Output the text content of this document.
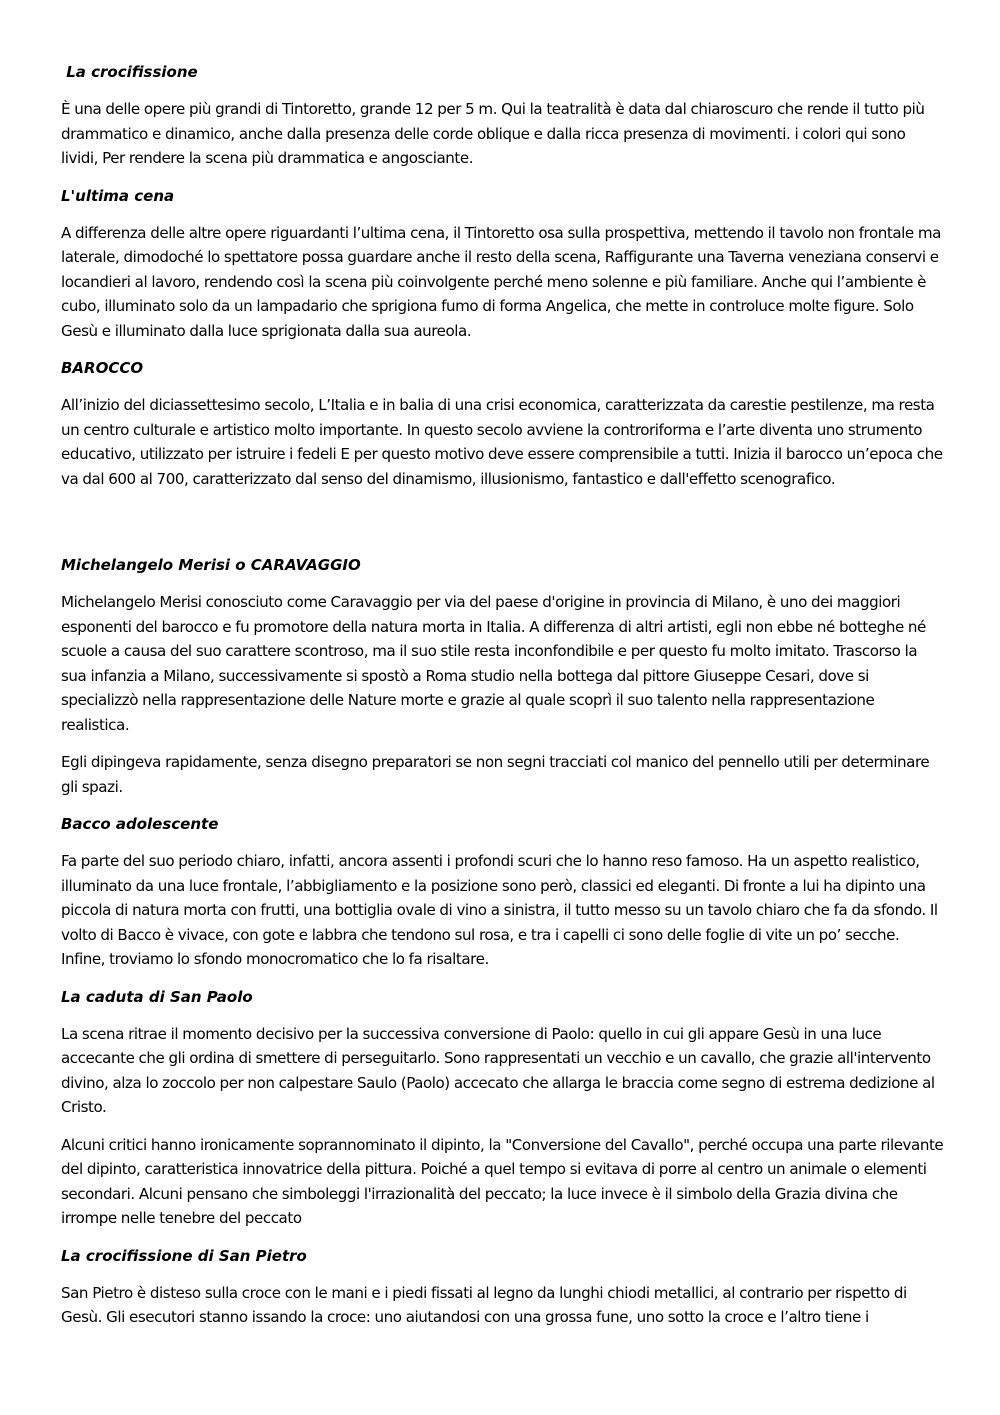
La crocifissione

È una delle opere più grandi di Tintoretto, grande 12 per 5 m. Qui la teatralità è data dal chiaroscuro che rende il tutto più drammatico e dinamico, anche dalla presenza delle corde oblique e dalla ricca presenza di movimenti. i colori qui sono lividi, Per rendere la scena più drammatica e angosciante.

L'ultima cena

A differenza delle altre opere riguardanti l’ultima cena, il Tintoretto osa sulla prospettiva, mettendo il tavolo non frontale ma laterale, dimodoché lo spettatore possa guardare anche il resto della scena, Raffigurante una Taverna veneziana conservi e locandieri al lavoro, rendendo così la scena più coinvolgente perché meno solenne e più familiare. Anche qui l’ambiente è cubo, illuminato solo da un lampadario che sprigiona fumo di forma Angelica, che mette in controluce molte figure. Solo Gesù e illuminato dalla luce sprigionata dalla sua aureola.

BAROCCO

All’inizio del diciassettesimo secolo, L’Italia e in balia di una crisi economica, caratterizzata da carestie pestilenze, ma resta un centro culturale e artistico molto importante. In questo secolo avviene la controriforma e l’arte diventa uno strumento educativo, utilizzato per istruire i fedeli E per questo motivo deve essere comprensibile a tutti. Inizia il barocco un’epoca che va dal 600 al 700, caratterizzato dal senso del dinamismo, illusionismo, fantastico e dall'effetto scenografico.

Michelangelo Merisi o CARAVAGGIO

Michelangelo Merisi conosciuto come Caravaggio per via del paese d'origine in provincia di Milano, è uno dei maggiori esponenti del barocco e fu promotore della natura morta in Italia. A differenza di altri artisti, egli non ebbe né botteghe né scuole a causa del suo carattere scontroso, ma il suo stile resta inconfondibile e per questo fu molto imitato. Trascorso la sua infanzia a Milano, successivamente si spostò a Roma studio nella bottega dal pittore Giuseppe Cesari, dove si specializzò nella rappresentazione delle Nature morte e grazie al quale scoprì il suo talento nella rappresentazione realistica.

Egli dipingeva rapidamente, senza disegno preparatori se non segni tracciati col manico del pennello utili per determinare gli spazi.

Bacco adolescente

Fa parte del suo periodo chiaro, infatti, ancora assenti i profondi scuri che lo hanno reso famoso. Ha un aspetto realistico, illuminato da una luce frontale, l’abbigliamento e la posizione sono però, classici ed eleganti. Di fronte a lui ha dipinto una piccola di natura morta con frutti, una bottiglia ovale di vino a sinistra, il tutto messo su un tavolo chiaro che fa da sfondo. Il volto di Bacco è vivace, con gote e labbra che tendono sul rosa, e tra i capelli ci sono delle foglie di vite un po’ secche. Infine, troviamo lo sfondo monocromatico che lo fa risaltare.

La caduta di San Paolo

La scena ritrae il momento decisivo per la successiva conversione di Paolo: quello in cui gli appare Gesù in una luce accecante che gli ordina di smettere di perseguitarlo. Sono rappresentati un vecchio e un cavallo, che grazie all'intervento divino, alza lo zoccolo per non calpestare Saulo (Paolo) accecato che allarga le braccia come segno di estrema dedizione al Cristo.

Alcuni critici hanno ironicamente soprannominato il dipinto, la "Conversione del Cavallo", perché occupa una parte rilevante del dipinto, caratteristica innovatrice della pittura. Poiché a quel tempo si evitava di porre al centro un animale o elementi secondari. Alcuni pensano che simboleggi l'irrazionalità del peccato; la luce invece è il simbolo della Grazia divina che irrompe nelle tenebre del peccato

La crocifissione di San Pietro

San Pietro è disteso sulla croce con le mani e i piedi fissati al legno da lunghi chiodi metallici, al contrario per rispetto di Gesù. Gli esecutori stanno issando la croce: uno aiutandosi con una grossa fune, uno sotto la croce e l’altro tiene i
